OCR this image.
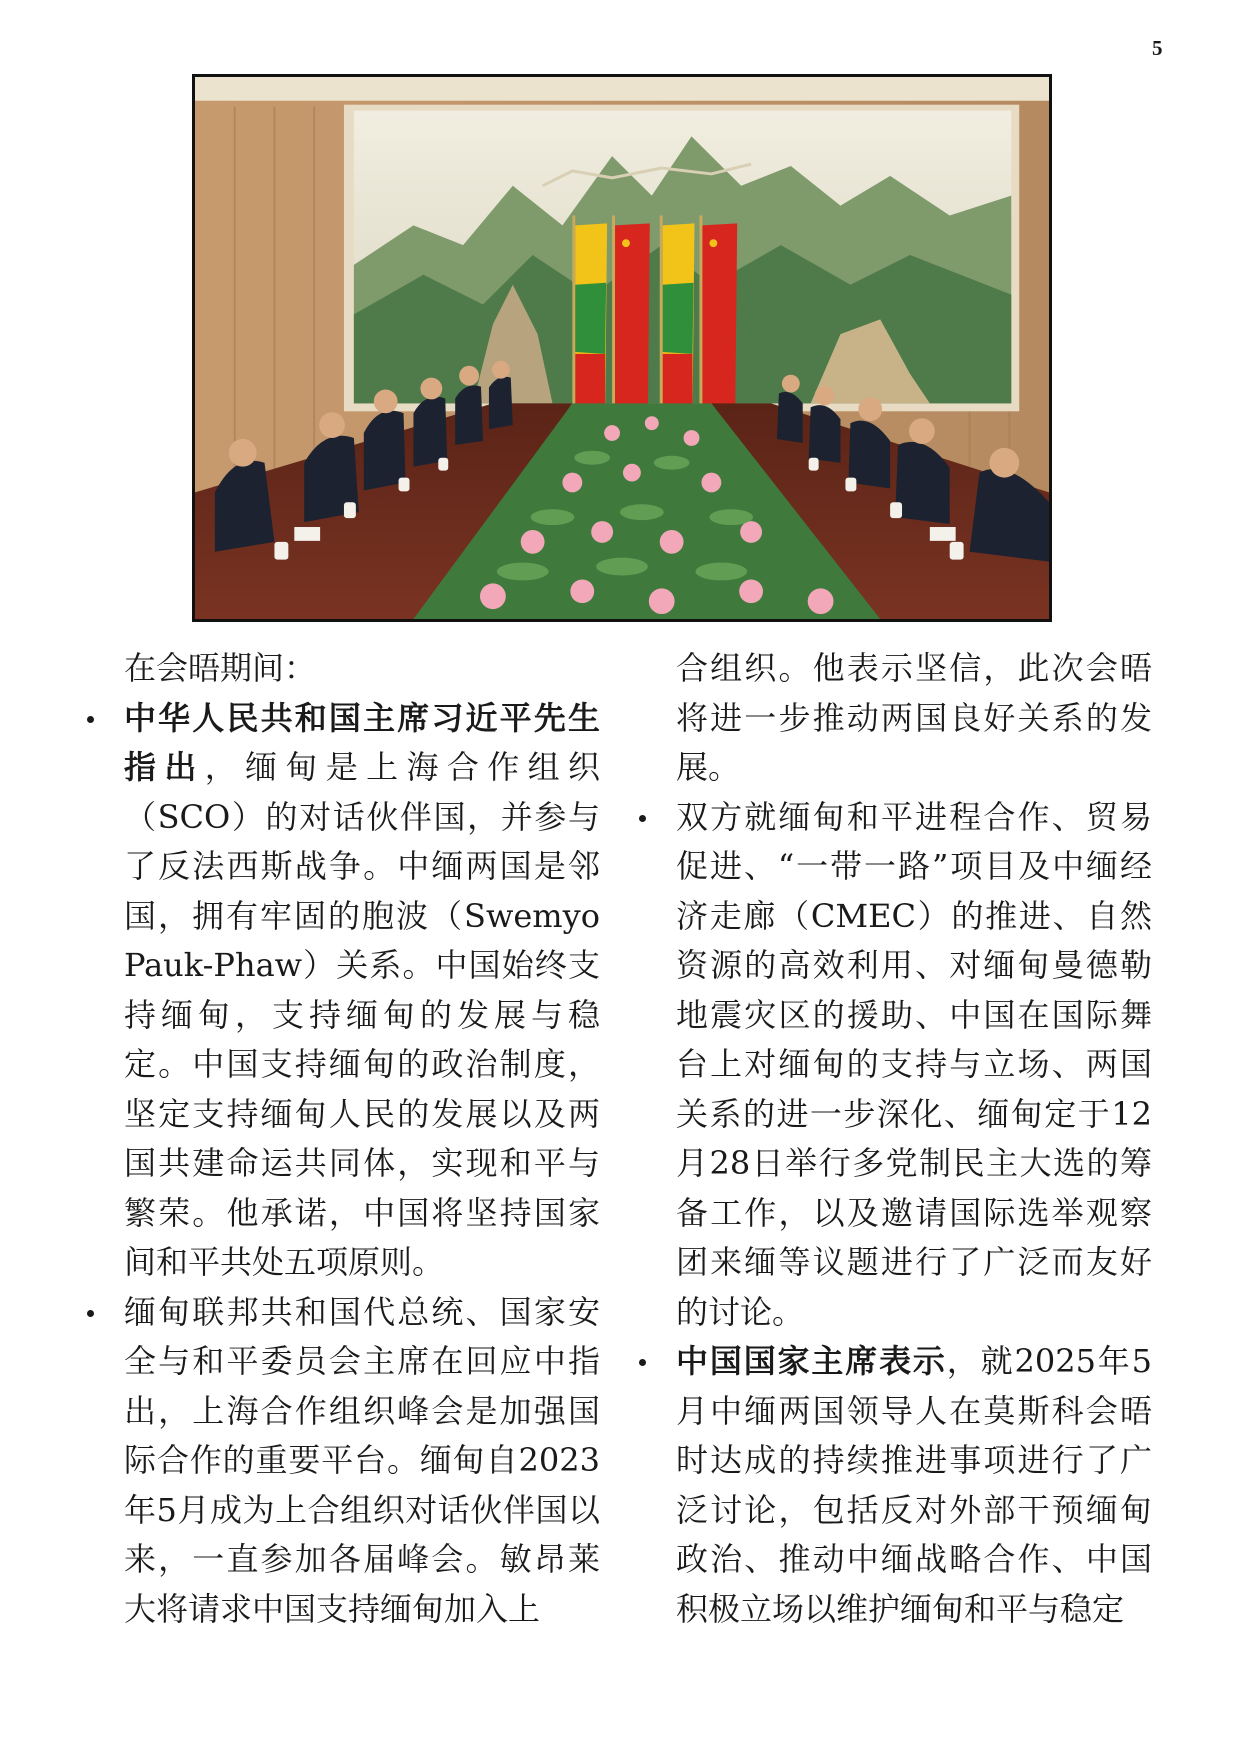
5

在会晤期间：

中华人民共和国主席习近平先生指出，缅甸是上海合作组织（SCO）的对话伙伴国，并参与了反法西斯战争。中缅两国是邻国，拥有牢固的胞波（Swemyo Pauk-Phaw）关系。中国始终支持缅甸，支持缅甸的发展与稳定。中国支持缅甸的政治制度，坚定支持缅甸人民的发展以及两国共建命运共同体，实现和平与繁荣。他承诺，中国将坚持国家间和平共处五项原则。
缅甸联邦共和国代总统、国家安全与和平委员会主席在回应中指出，上海合作组织峰会是加强国际合作的重要平台。缅甸自2023年5月成为上合组织对话伙伴国以来，一直参加各届峰会。敏昂莱大将请求中国支持缅甸加入上

合组织。他表示坚信，此次会晤将进一步推动两国良好关系的发展。

双方就缅甸和平进程合作、贸易促进、“一带一路”项目及中缅经济走廊（CMEC）的推进、自然资源的高效利用、对缅甸曼德勒地震灾区的援助、中国在国际舞台上对缅甸的支持与立场、两国关系的进一步深化、缅甸定于12月28日举行多党制民主大选的筹备工作，以及邀请国际选举观察团来缅等议题进行了广泛而友好的讨论。
中国国家主席表示，就2025年5月中缅两国领导人在莫斯科会晤时达成的持续推进事项进行了广泛讨论，包括反对外部干预缅甸政治、推动中缅战略合作、中国积极立场以维护缅甸和平与稳定
